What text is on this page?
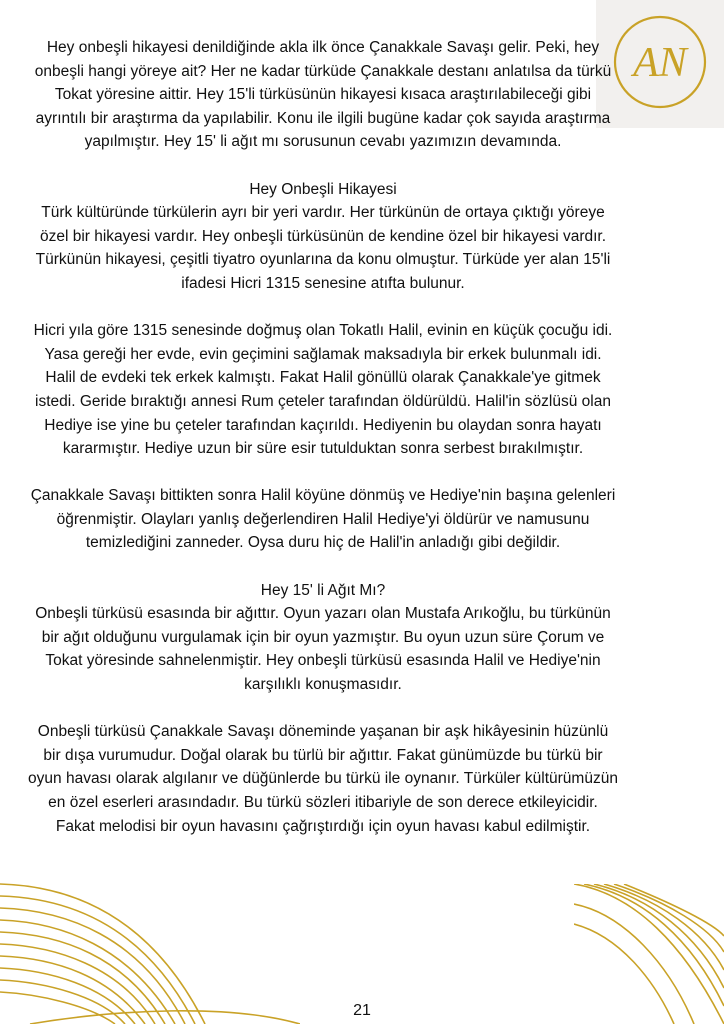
AN

Hey onbeşli hikayesi denildiğinde akla ilk önce Çanakkale Savaşı gelir. Peki, hey onbeşli hangi yöreye ait? Her ne kadar türküde Çanakkale destanı anlatılsa da türkü Tokat yöresine aittir. Hey 15'li türküsünün hikayesi kısaca araştırılabileceği gibi ayrıntılı bir araştırma da yapılabilir. Konu ile ilgili bugüne kadar çok sayıda araştırma yapılmıştır. Hey 15' li ağıt mı sorusunun cevabı yazımızın devamında.

Hey Onbeşli Hikayesi
Türk kültüründe türkülerin ayrı bir yeri vardır. Her türkünün de ortaya çıktığı yöreye özel bir hikayesi vardır. Hey onbeşli türküsünün de kendine özel bir hikayesi vardır. Türkünün hikayesi, çeşitli tiyatro oyunlarına da konu olmuştur. Türküde yer alan 15'li ifadesi Hicri 1315 senesine atıfta bulunur.

Hicri yıla göre 1315 senesinde doğmuş olan Tokatlı Halil, evinin en küçük çocuğu idi. Yasa gereği her evde, evin geçimini sağlamak maksadıyla bir erkek bulunmalı idi. Halil de evdeki tek erkek kalmıştı. Fakat Halil gönüllü olarak Çanakkale'ye gitmek istedi. Geride bıraktığı annesi Rum çeteler tarafından öldürüldü. Halil'in sözlüsü olan Hediye ise yine bu çeteler tarafından kaçırıldı. Hediyenin bu olaydan sonra hayatı kararmıştır. Hediye uzun bir süre esir tutulduktan sonra serbest bırakılmıştır.

Çanakkale Savaşı bittikten sonra Halil köyüne dönmüş ve Hediye'nin başına gelenleri öğrenmiştir. Olayları yanlış değerlendiren Halil Hediye'yi öldürür ve namusunu temizlediğini zanneder. Oysa duru hiç de Halil'in anladığı gibi değildir.

Hey 15' li Ağıt Mı?
Onbeşli türküsü esasında bir ağıttır. Oyun yazarı olan Mustafa Arıkoğlu, bu türkünün bir ağıt olduğunu vurgulamak için bir oyun yazmıştır. Bu oyun uzun süre Çorum ve Tokat yöresinde sahnelenmiştir. Hey onbeşli türküsü esasında Halil ve Hediye'nin karşılıklı konuşmasıdır.

Onbeşli türküsü Çanakkale Savaşı döneminde yaşanan bir aşk hikâyesinin hüzünlü bir dışa vurumudur. Doğal olarak bu türlü bir ağıttır. Fakat günümüzde bu türkü bir oyun havası olarak algılanır ve düğünlerde bu türkü ile oynanır. Türküler kültürümüzün en özel eserleri arasındadır. Bu türkü sözleri itibariyle de son derece etkileyicidir. Fakat melodisi bir oyun havasını çağrıştırdığı için oyun havası kabul edilmiştir.

21
